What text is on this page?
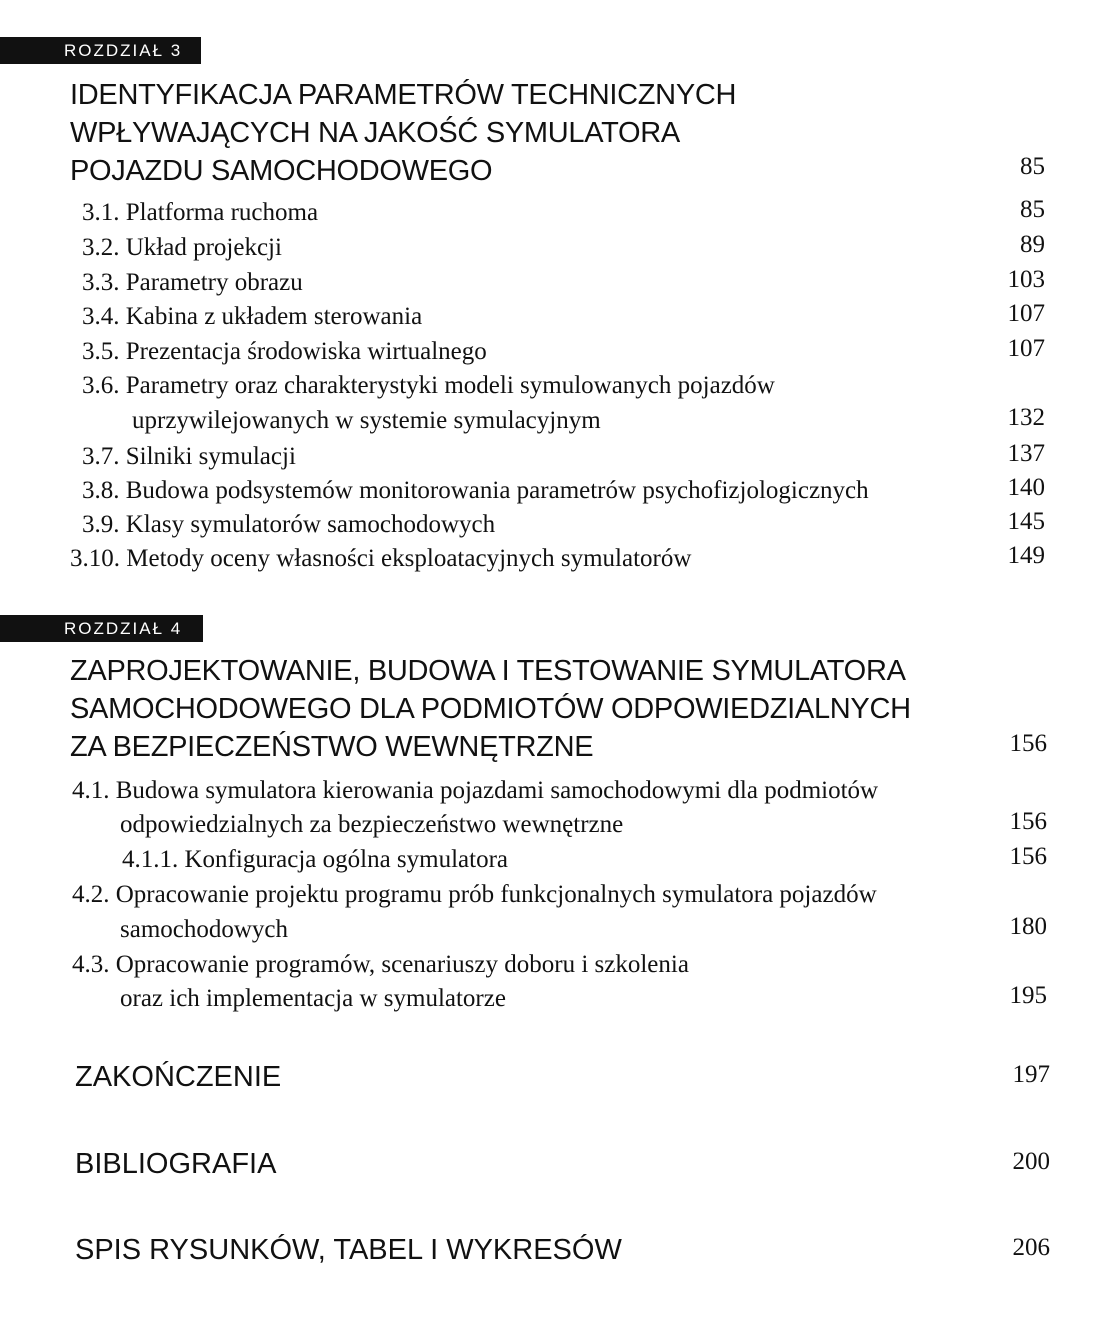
ROZDZIAŁ 3
IDENTYFIKACJA PARAMETRÓW TECHNICZNYCH
WPŁYWAJĄCYCH NA JAKOŚĆ SYMULATORA
POJAZDU SAMOCHODOWEGO	85
3.1. Platforma ruchoma	85
3.2. Układ projekcji	89
3.3. Parametry obrazu	103
3.4. Kabina z układem sterowania	107
3.5. Prezentacja środowiska wirtualnego	107
3.6. Parametry oraz charakterystyki modeli symulowanych pojazdów
uprzywilejowanych w systemie symulacyjnym	132
3.7. Silniki symulacji	137
3.8. Budowa podsystemów monitorowania parametrów psychofizjologicznych	140
3.9. Klasy symulatorów samochodowych	145
3.10. Metody oceny własności eksploatacyjnych symulatorów	149
ROZDZIAŁ 4
ZAPROJEKTOWANIE, BUDOWA I TESTOWANIE SYMULATORA
SAMOCHODOWEGO DLA PODMIOTÓW ODPOWIEDZIALNYCH
ZA BEZPIECZEŃSTWO WEWNĘTRZNE	156
4.1. Budowa symulatora kierowania pojazdami samochodowymi dla podmiotów
odpowiedzialnych za bezpieczeństwo wewnętrzne	156
4.1.1. Konfiguracja ogólna symulatora	156
4.2. Opracowanie projektu programu prób funkcjonalnych symulatora pojazdów
samochodowych	180
4.3. Opracowanie programów, scenariuszy doboru i szkolenia
oraz ich implementacja w symulatorze	195
ZAKOŃCZENIE	197
BIBLIOGRAFIA	200
SPIS RYSUNKÓW, TABEL I WYKRESÓW	206
